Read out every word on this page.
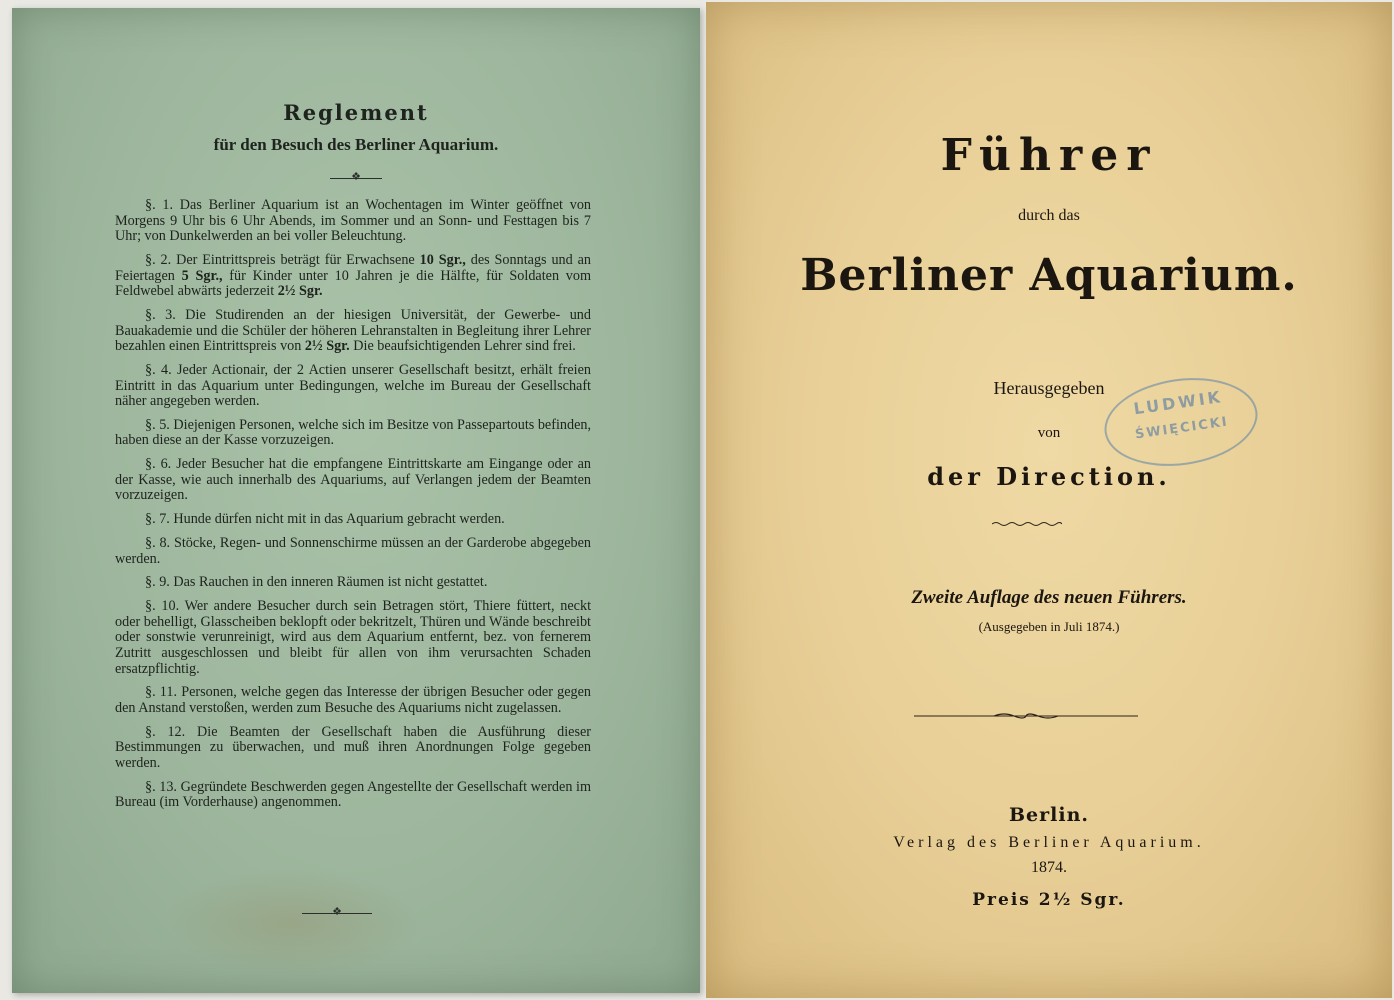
Reglement
für den Besuch des Berliner Aquarium.
❖

§. 1. Das Berliner Aquarium ist an Wochentagen im Winter geöffnet von Morgens 9 Uhr bis 6 Uhr Abends, im Sommer und an Sonn- und Festtagen bis 7 Uhr; von Dunkelwerden an bei voller Beleuchtung.

§. 2. Der Eintrittspreis beträgt für Erwachsene 10 Sgr., des Sonntags und an Feiertagen 5 Sgr., für Kinder unter 10 Jahren je die Hälfte, für Soldaten vom Feldwebel abwärts jederzeit 2½ Sgr.

§. 3. Die Studirenden an der hiesigen Universität, der Gewerbe- und Bauakademie und die Schüler der höheren Lehranstalten in Begleitung ihrer Lehrer bezahlen einen Eintrittspreis von 2½ Sgr. Die beaufsichtigenden Lehrer sind frei.

§. 4. Jeder Actionair, der 2 Actien unserer Gesellschaft besitzt, erhält freien Eintritt in das Aquarium unter Bedingungen, welche im Bureau der Gesellschaft näher angegeben werden.

§. 5. Diejenigen Personen, welche sich im Besitze von Passepartouts befinden, haben diese an der Kasse vorzuzeigen.

§. 6. Jeder Besucher hat die empfangene Eintrittskarte am Eingange oder an der Kasse, wie auch innerhalb des Aquariums, auf Verlangen jedem der Beamten vorzuzeigen.

§. 7. Hunde dürfen nicht mit in das Aquarium gebracht werden.

§. 8. Stöcke, Regen- und Sonnenschirme müssen an der Garderobe abgegeben werden.

§. 9. Das Rauchen in den inneren Räumen ist nicht gestattet.

§. 10. Wer andere Besucher durch sein Betragen stört, Thiere füttert, neckt oder behelligt, Glasscheiben beklopft oder bekritzelt, Thüren und Wände beschreibt oder sonstwie verunreinigt, wird aus dem Aquarium entfernt, bez. von fernerem Zutritt ausgeschlossen und bleibt für allen von ihm verursachten Schaden ersatzpflichtig.

§. 11. Personen, welche gegen das Interesse der übrigen Besucher oder gegen den Anstand verstoßen, werden zum Besuche des Aquariums nicht zugelassen.

§. 12. Die Beamten der Gesellschaft haben die Ausführung dieser Bestimmungen zu überwachen, und muß ihren Anordnungen Folge gegeben werden.

§. 13. Gegründete Beschwerden gegen Angestellte der Gesellschaft werden im Bureau (im Vorderhause) angenommen.

❖
Führer
durch das
Berliner Aquarium.
Herausgegeben
von
der Direction.
Zweite Auflage des neuen Führers.
(Ausgegeben in Juli 1874.)
Berlin.
Verlag des Berliner Aquarium.
1874.
Preis 2½ Sgr.
LUDWIK
ŚWIĘCICKI
